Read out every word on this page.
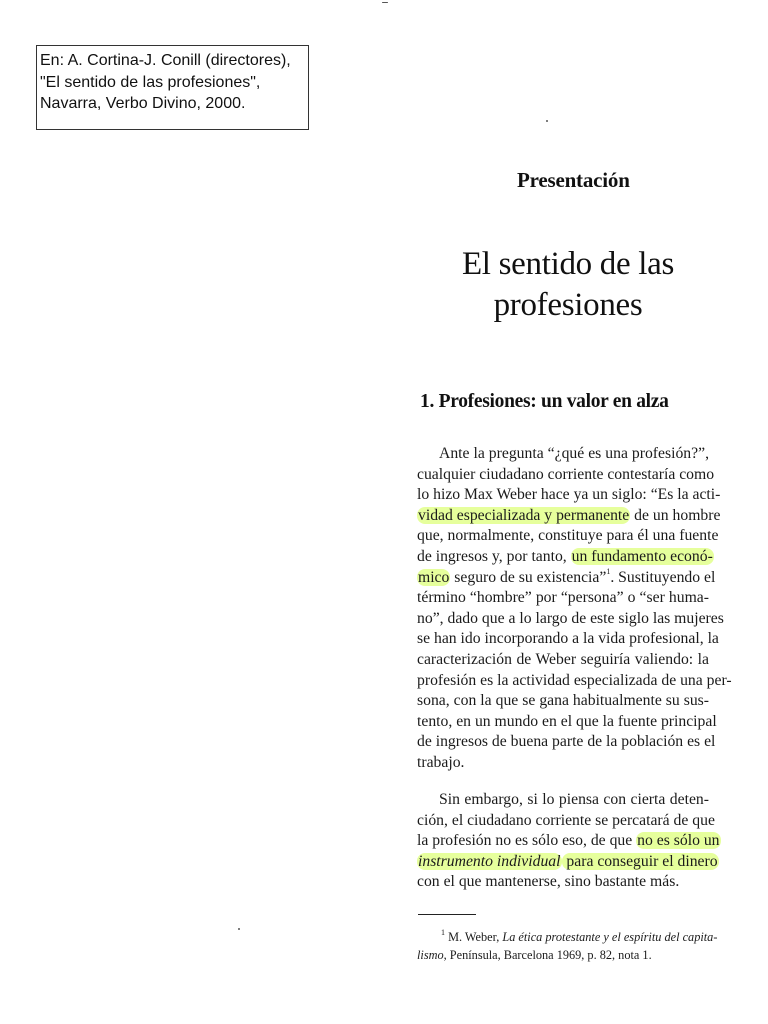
En: A. Cortina-J. Conill (directores),
"El sentido de las profesiones",
Navarra, Verbo Divino, 2000.
Presentación
El sentido de las
profesiones
1. Profesiones: un valor en alza
Ante la pregunta “¿qué es una profesión?”,
cualquier ciudadano corriente contestaría como
lo hizo Max Weber hace ya un siglo: “Es la acti-
vidad especializada y permanente de un hombre
que, normalmente, constituye para él una fuente
de ingresos y, por tanto, un fundamento econó-
mico seguro de su existencia”$^1$. Sustituyendo el
término “hombre” por “persona” o “ser huma-
no”, dado que a lo largo de este siglo las mujeres
se han ido incorporando a la vida profesional, la
caracterización de Weber seguiría valiendo: la
profesión es la actividad especializada de una per-
sona, con la que se gana habitualmente su sus-
tento, en un mundo en el que la fuente principal
de ingresos de buena parte de la población es el
trabajo.
Sin embargo, si lo piensa con cierta deten-
ción, el ciudadano corriente se percatará de que
la profesión no es sólo eso, de que no es sólo un
instrumento individual para conseguir el dinero
con el que mantenerse, sino bastante más.
$^1$ M. Weber, La ética protestante y el espíritu del capita-
lismo, Península, Barcelona 1969, p. 82, nota 1.
